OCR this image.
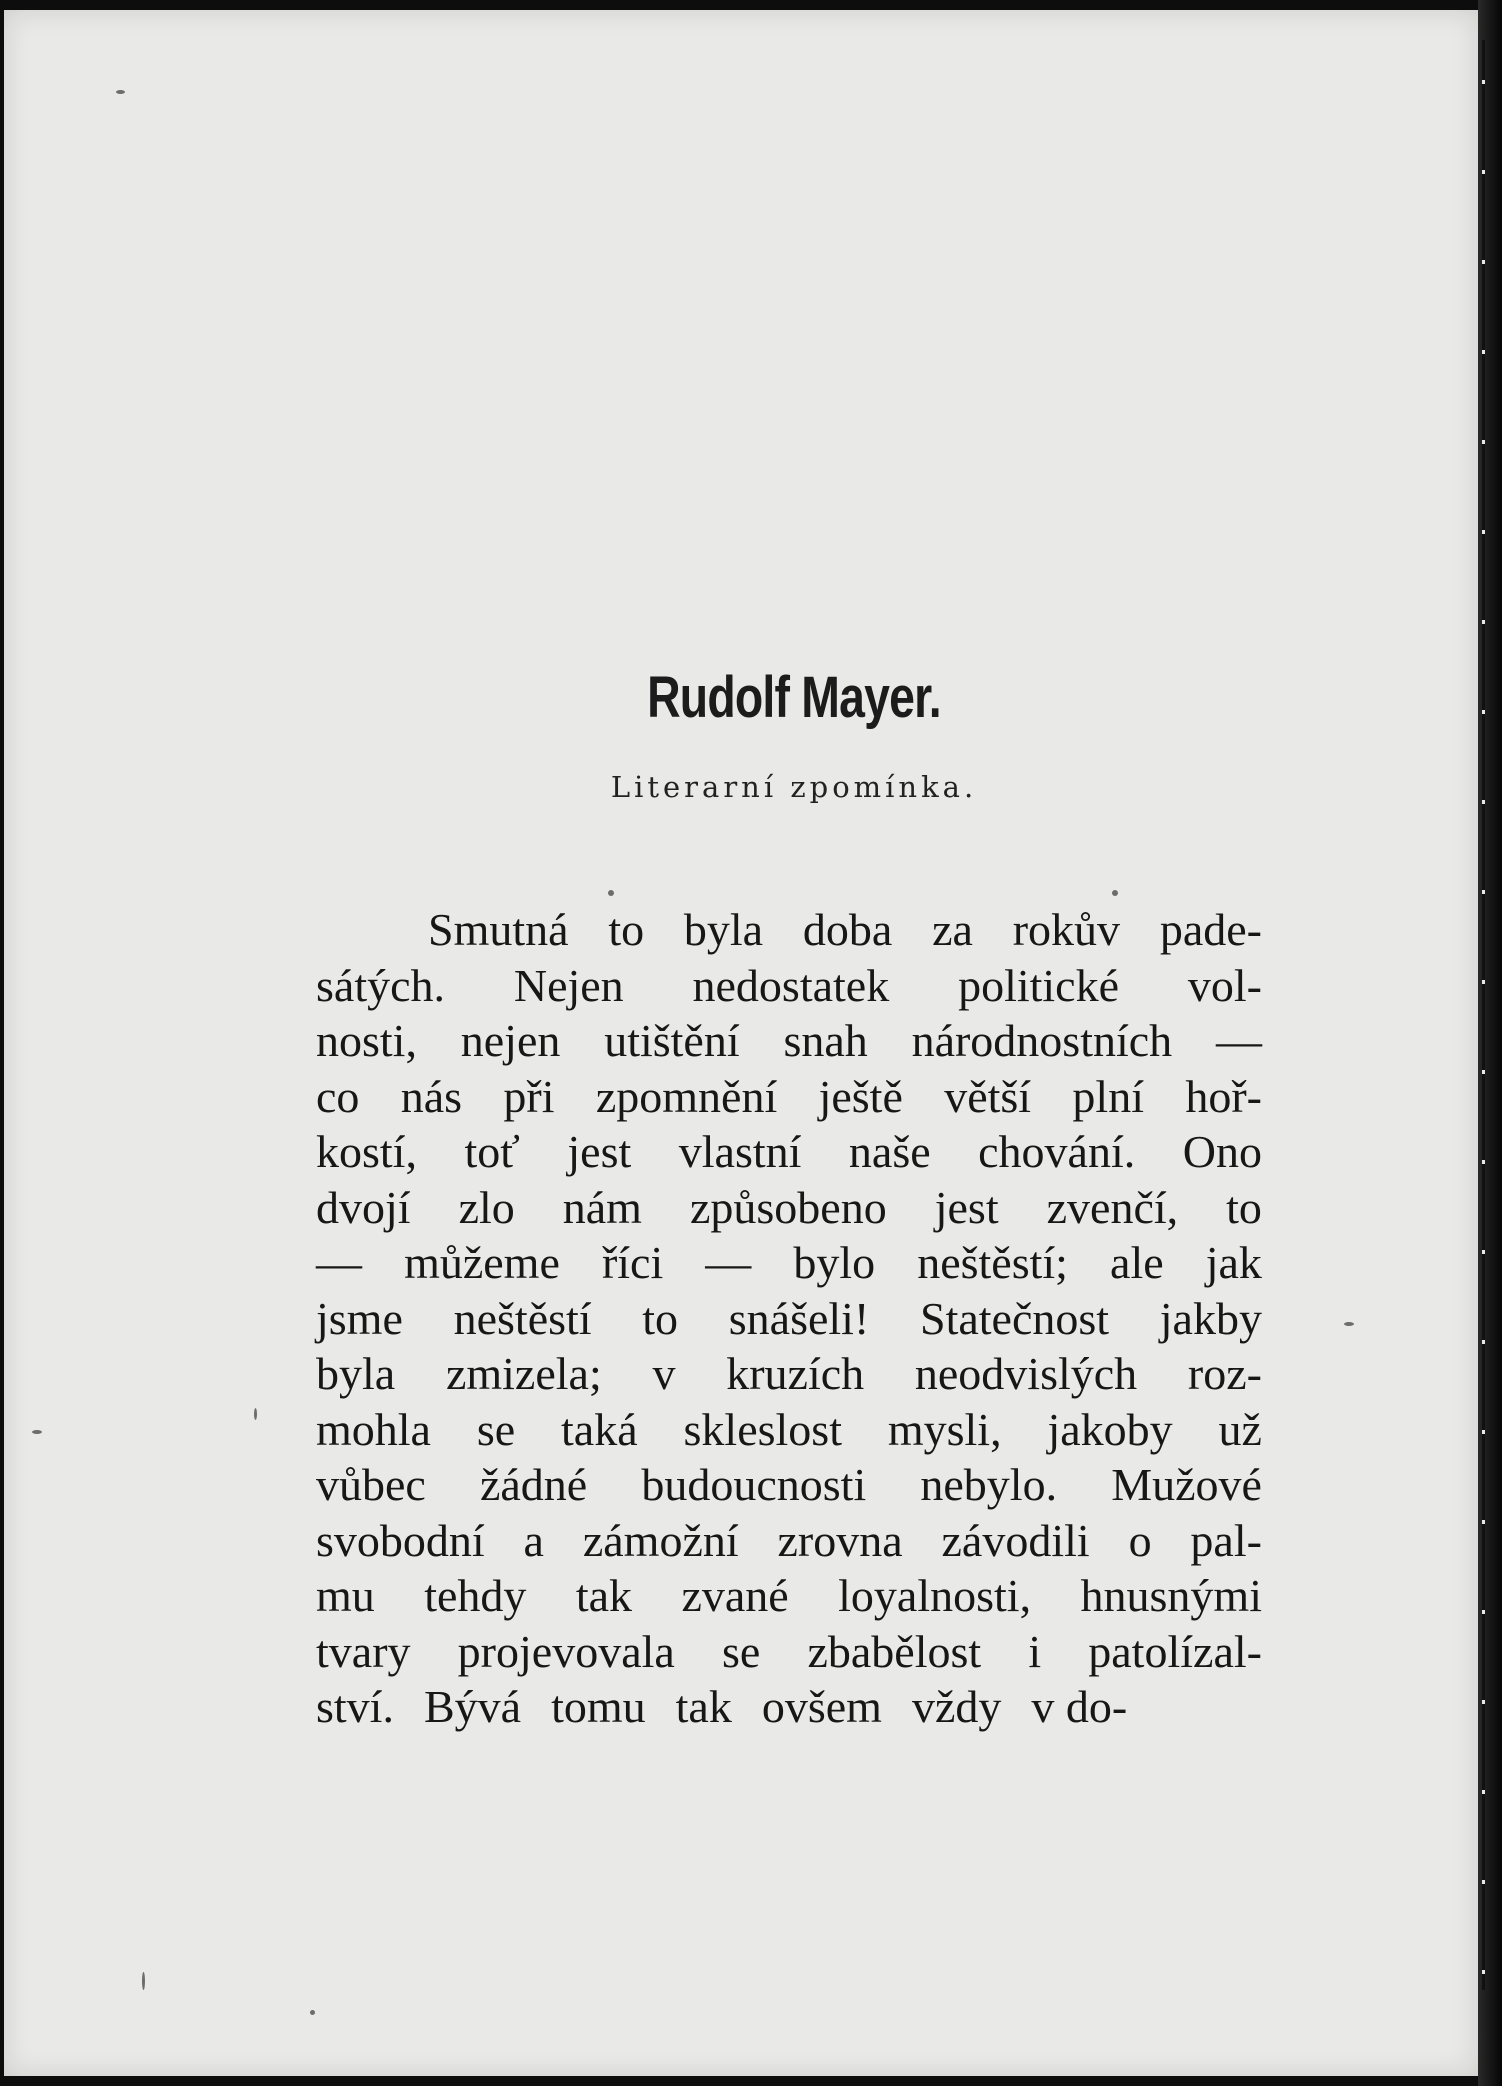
Rudolf Mayer.
Literarní zpomínka.
Smutná to byla doba za rokův pade-
sátých. Nejen nedostatek politické vol-
nosti, nejen utištění snah národnostních —
co nás při zpomnění ještě větší plní hoř-
kostí, toť jest vlastní naše chování. Ono
dvojí zlo nám způsobeno jest zvenčí, to
— můžeme říci — bylo neštěstí; ale jak
jsme neštěstí to snášeli! Statečnost jakby
byla zmizela; v kruzích neodvislých roz-
mohla se taká skleslost mysli, jakoby už
vůbec žádné budoucnosti nebylo. Mužové
svobodní a zámožní zrovna závodili o pal-
mu tehdy tak zvané loyalnosti, hnusnými
tvary projevovala se zbabělost i patolízal-
ství. Bývá tomu tak ovšem vždy v do-
